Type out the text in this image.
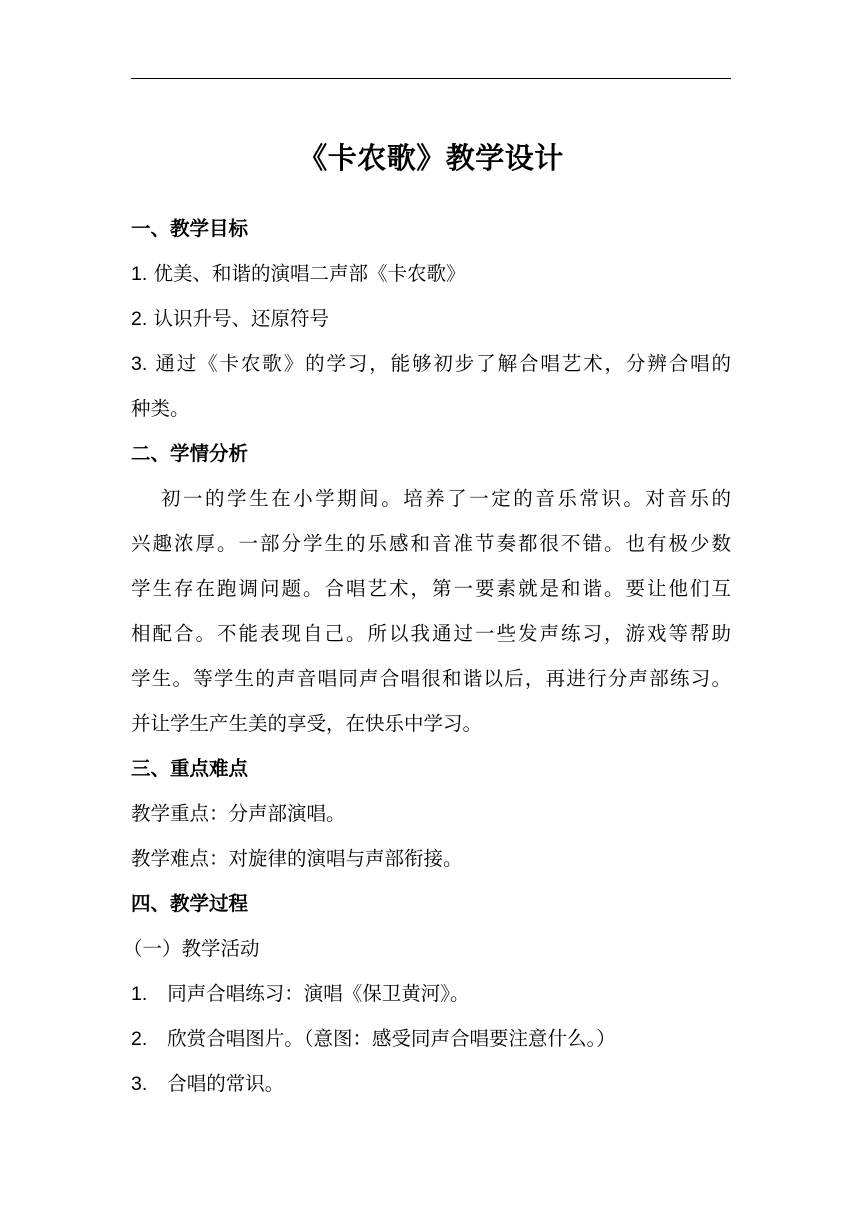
《卡农歌》教学设计
一、教学目标
1. 优美、和谐的演唱二声部《卡农歌》
2. 认识升号、还原符号
3. 通过《卡农歌》的学习，能够初步了解合唱艺术，分辨合唱的
种类。
二、学情分析
初一的学生在小学期间。培养了一定的音乐常识。对音乐的
兴趣浓厚。一部分学生的乐感和音准节奏都很不错。也有极少数
学生存在跑调问题。合唱艺术，第一要素就是和谐。要让他们互
相配合。不能表现自己。所以我通过一些发声练习，游戏等帮助
学生。等学生的声音唱同声合唱很和谐以后，再进行分声部练习。
并让学生产生美的享受，在快乐中学习。
三、重点难点
教学重点：分声部演唱。
教学难点：对旋律的演唱与声部衔接。
四、教学过程
（一）教学活动
1. 同声合唱练习：演唱《保卫黄河》。
2. 欣赏合唱图片。（意图：感受同声合唱要注意什么。）
3. 合唱的常识。
